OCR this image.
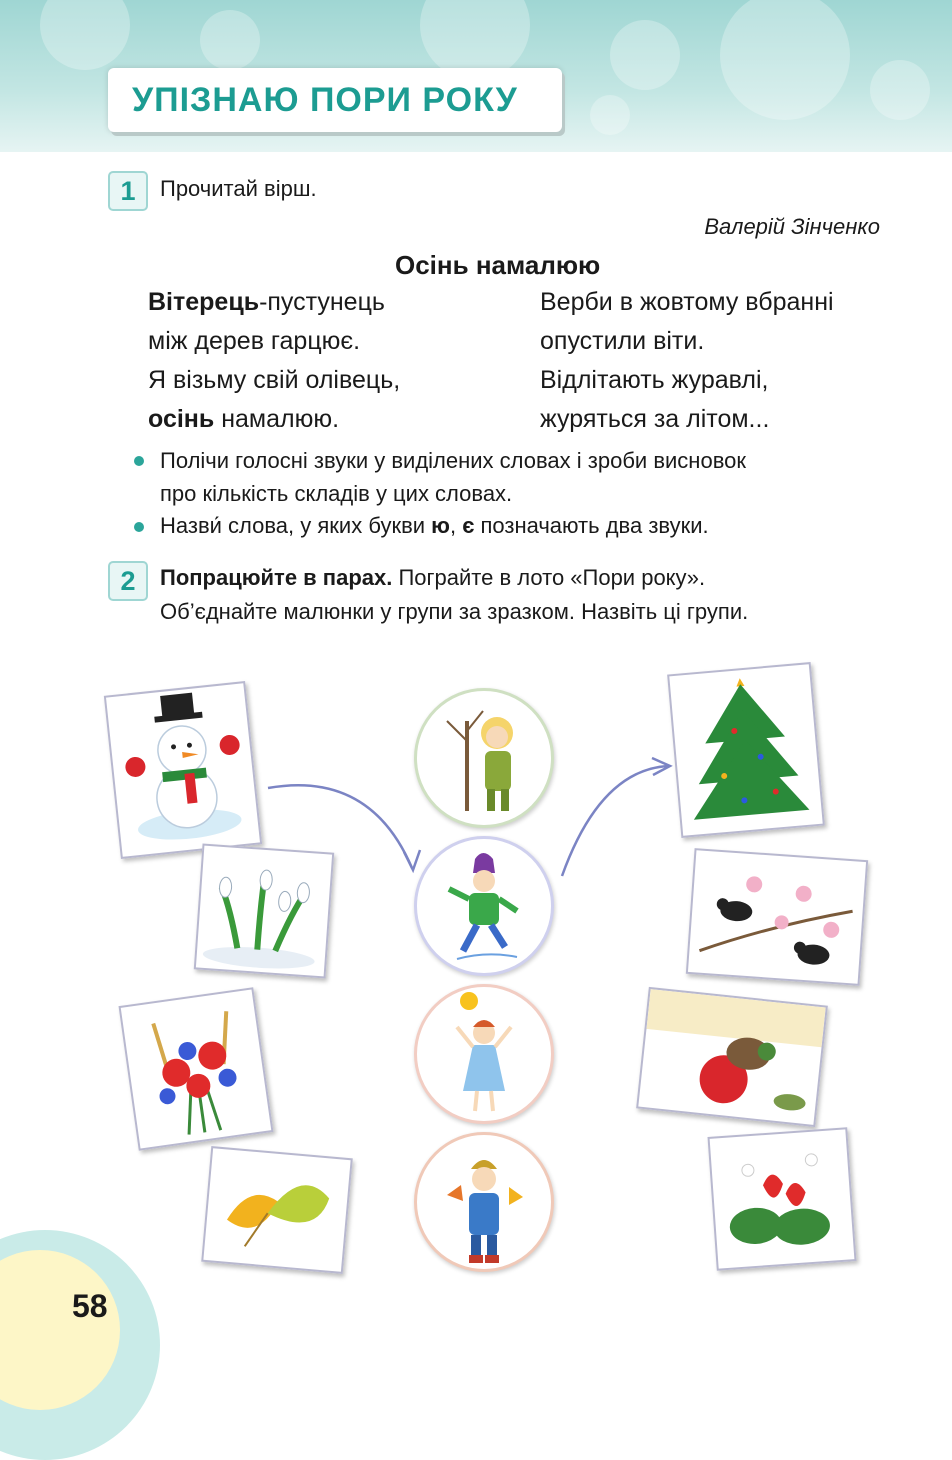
УПІЗНАЮ ПОРИ РОКУ
1	Прочитай вірш.
Валерій Зінченко
Осінь намалюю
Вітерець-пустунець
між дерев гарцює.
Я візьму свій олівець,
осінь намалюю.
Верби в жовтому вбранні
опустили віти.
Відлітають журавлі,
журяться за літом...
Полічи голосні звуки у виділених словах і зроби висновок
про кількість складів у цих словах.
Назви́ слова, у яких букви ю, є позначають два звуки.
2	Попрацюйте в парах. Пограйте в лото «Пори року».
Об’єднайте малюнки у групи за зразком. Назвіть ці групи.
58
